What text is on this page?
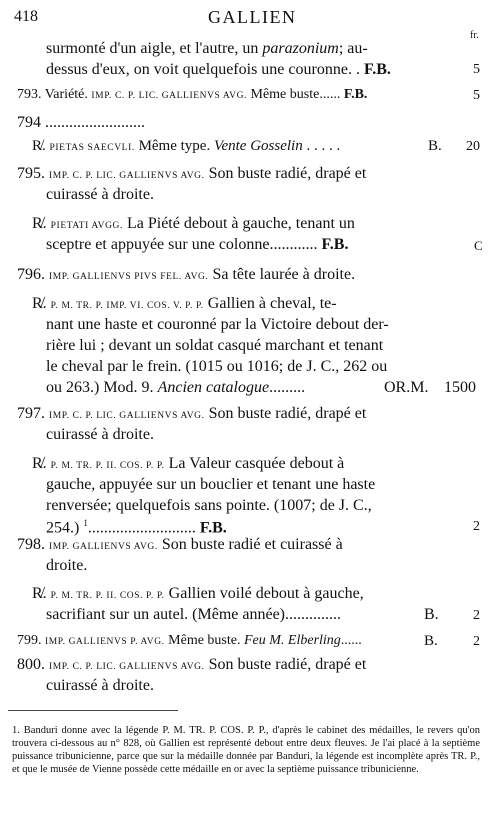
418	GALLIEN
fr.
surmonté d'un aigle, et l'autre, un parazonium; au-
dessus d'eux, on voit quelquefois une couronne. . F.B.	5
793. Variété. IMP. C. P. LIC. GALLIENVS AVG. Même buste...... F.B.	5
794 .........................
R̸. PIETAS SAECVLI. Même type. Vente Gosselin . . . . .	B. 20
795. IMP. C. P. LIC. GALLIENVS AVG. Son buste radié, drapé et
cuirassé à droite.
R̸. PIETATI AVGG. La Piété debout à gauche, tenant un
sceptre et appuyée sur une colonne............ F.B.	C
796. IMP. GALLIENVS PIVS FEL. AVG. Sa tête laurée à droite.
R̸. P. M. TR. P. IMP. VI. COS. V. P. P. Gallien à cheval, te-
nant une haste et couronné par la Victoire debout der-
rière lui ; devant un soldat casqué marchant et tenant
le cheval par le frein. (1015 ou 1016; de J. C., 262 ou
ou 263.) Mod. 9. Ancien catalogue.........	OR.M. 1500
797. IMP. C. P. LIC. GALLIENVS AVG. Son buste radié, drapé et
cuirassé à droite.
R̸. P. M. TR. P. II. COS. P. P. La Valeur casquée debout à
gauche, appuyée sur un bouclier et tenant une haste
renversée; quelquefois sans pointe. (1007; de J. C.,
254.) $^1$........................... F.B.	2
798. IMP. GALLIENVS AVG. Son buste radié et cuirassé à
droite.
R̸. P. M. TR. P. II. COS. P. P. Gallien voilé debout à gauche,
sacrifiant sur un autel. (Même année)..............	B. 2
799. IMP. GALLIENVS P. AVG. Même buste. Feu M. Elberling......	B.	2
800. IMP. C. P. LIC. GALLIENVS AVG. Son buste radié, drapé et
cuirassé à droite.
1. Banduri donne avec la légende P. M. TR. P. COS. P. P., d'après le cabinet des médailles, le revers qu'on trouvera ci-dessous au n° 828, où Gallien est représenté debout entre deux fleuves. Je l'ai placé à la septième puissance tribunicienne, parce que sur la médaille donnée par Banduri, la légende est incomplète après TR. P., et que le musée de Vienne possède cette médaille en or avec la septième puissance tribunicienne.
